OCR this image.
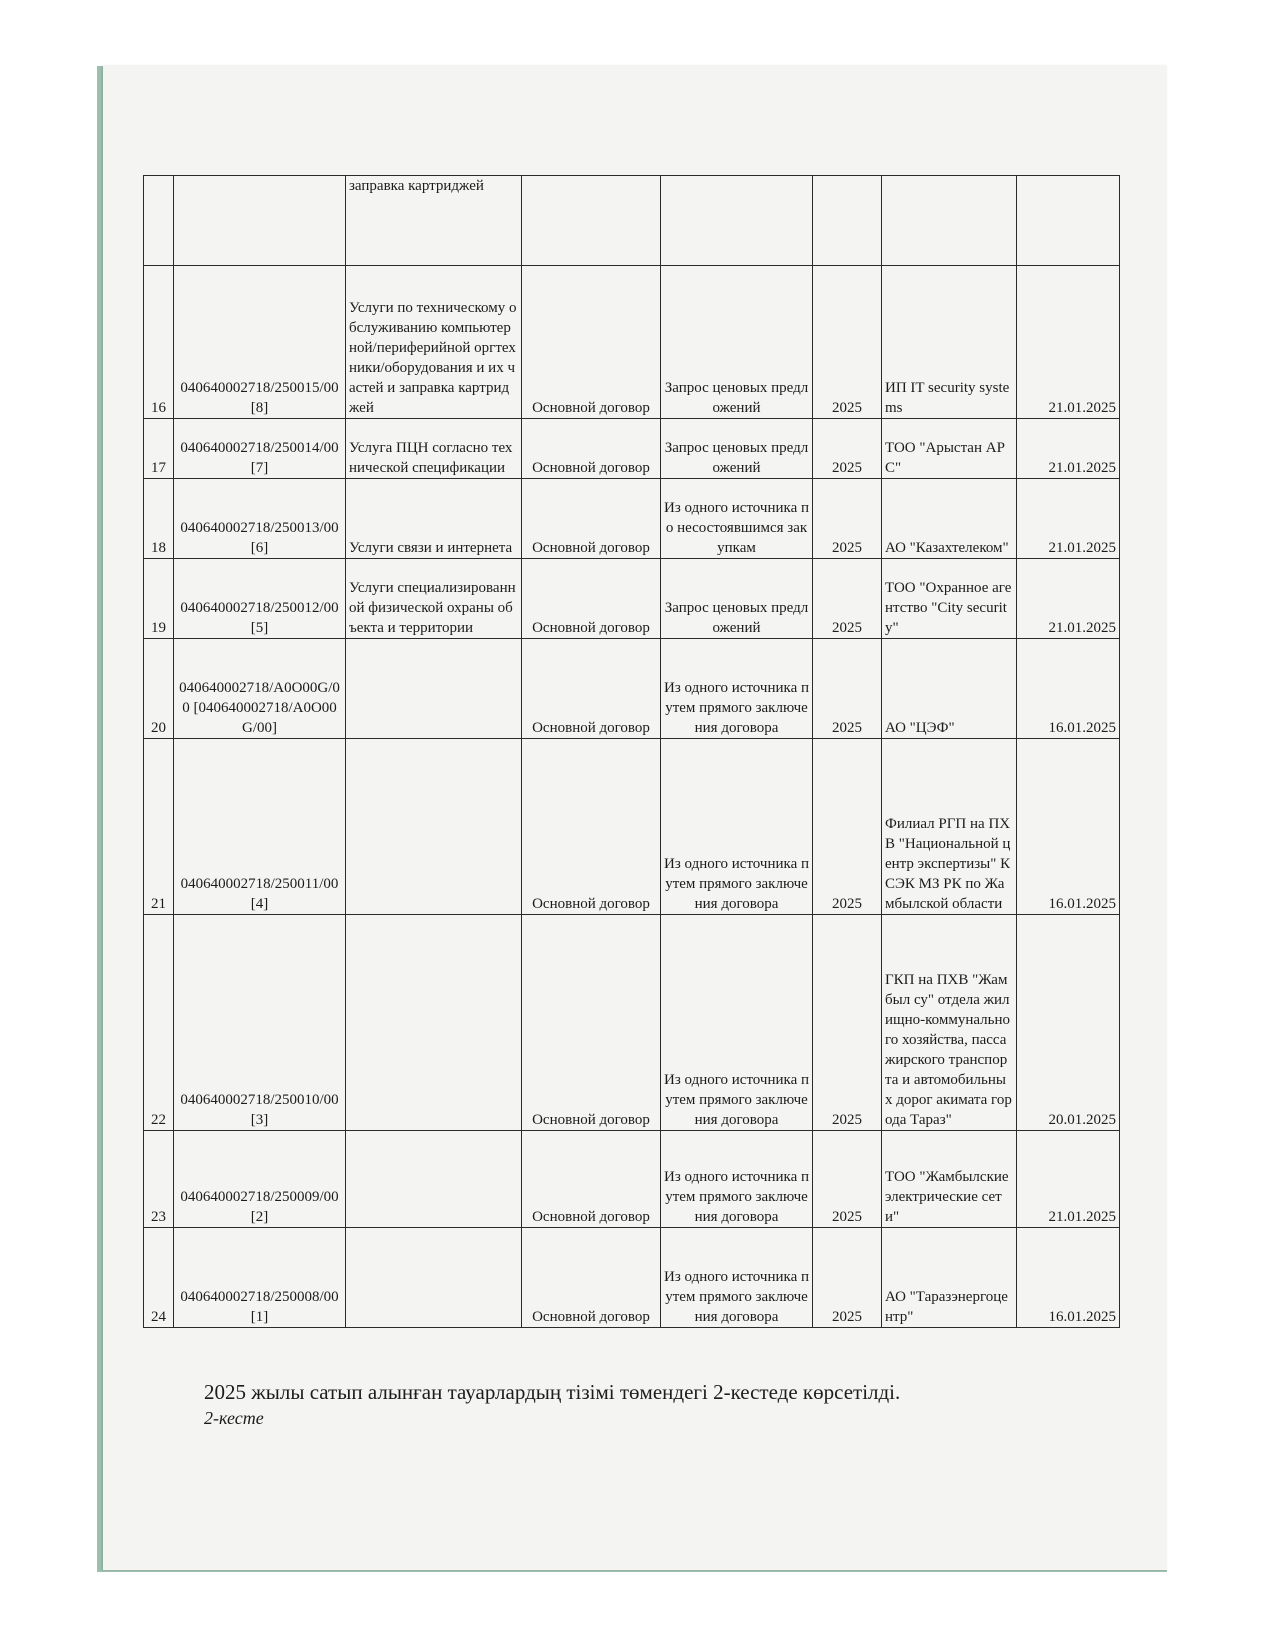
		заправка картриджей					
16	040640002718/250015/00 [8]	Услуги по техническому обслуживанию компьютерной/периферийной оргтехники/оборудования и их частей и заправка картриджей	Основной договор	Запрос ценовых предложений	2025	ИП IT security systems	21.01.2025
17	040640002718/250014/00 [7]	Услуга ПЦН согласно технической спецификации	Основной договор	Запрос ценовых предложений	2025	ТОО "Арыстан АРС"	21.01.2025
18	040640002718/250013/00 [6]	Услуги связи и интернета	Основной договор	Из одного источника по несостоявшимся закупкам	2025	АО "Казахтелеком"	21.01.2025
19	040640002718/250012/00 [5]	Услуги специализированной физической охраны объекта и территории	Основной договор	Запрос ценовых предложений	2025	ТОО "Охранное агентство "City security"	21.01.2025
20	040640002718/А0О00G/00 [040640002718/А0О00G/00]		Основной договор	Из одного источника путем прямого заключения договора	2025	АО "ЦЭФ"	16.01.2025
21	040640002718/250011/00 [4]		Основной договор	Из одного источника путем прямого заключения договора	2025	Филиал РГП на ПХВ "Национальной центр экспертизы" КСЭК МЗ РК по Жамбылской области	16.01.2025
22	040640002718/250010/00 [3]		Основной договор	Из одного источника путем прямого заключения договора	2025	ГКП на ПХВ "Жамбыл су" отдела жилищно-коммунального хозяйства, пассажирского транспорта и автомобильных дорог акимата города Тараз"	20.01.2025
23	040640002718/250009/00 [2]		Основной договор	Из одного источника путем прямого заключения договора	2025	ТОО "Жамбылские электрические сети"	21.01.2025
24	040640002718/250008/00 [1]		Основной договор	Из одного источника путем прямого заключения договора	2025	АО "Таразэнергоцентр"	16.01.2025
2025 жылы сатып алынған тауарлардың тізімі төмендегі 2-кестеде көрсетілді.
2-кесте
